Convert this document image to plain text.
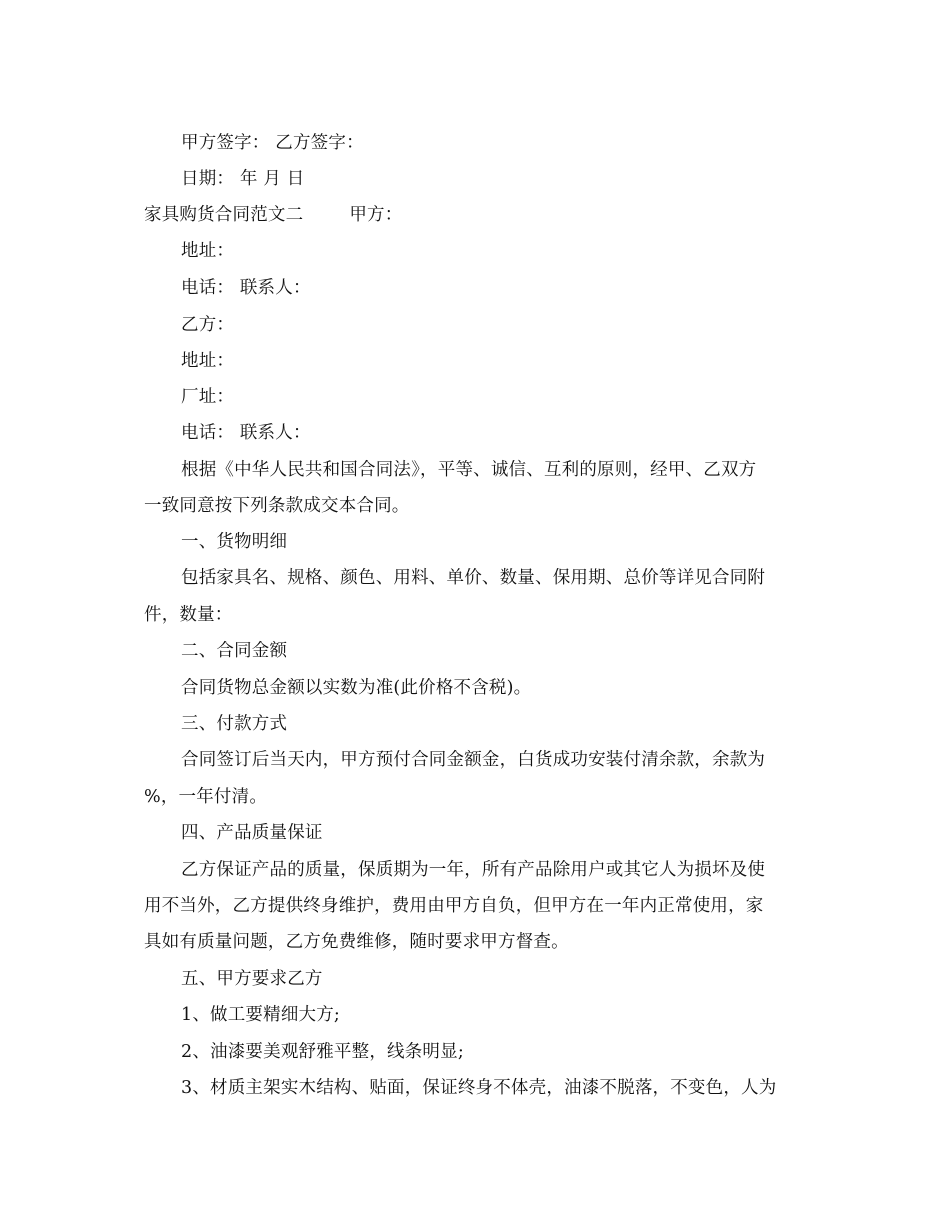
甲方签字： 乙方签字：
日期： 年 月 日
家具购货合同范文二	甲方：
地址：
电话： 联系人：
乙方：
地址：
厂址：
电话： 联系人：
根据《中华人民共和国合同法》，平等、诚信、互利的原则，经甲、乙双方
一致同意按下列条款成交本合同。
一、货物明细
包括家具名、规格、颜色、用料、单价、数量、保用期、总价等详见合同附
件，数量：
二、合同金额
合同货物总金额以实数为准(此价格不含税)。
三、付款方式
合同签订后当天内，甲方预付合同金额金，白货成功安装付清余款，余款为
%，一年付清。
四、产品质量保证
乙方保证产品的质量，保质期为一年，所有产品除用户或其它人为损坏及使
用不当外，乙方提供终身维护，费用由甲方自负，但甲方在一年内正常使用，家
具如有质量问题，乙方免费维修，随时要求甲方督查。
五、甲方要求乙方
1、做工要精细大方;
2、油漆要美观舒雅平整，线条明显;
3、材质主架实木结构、贴面，保证终身不体壳，油漆不脱落，不变色，人为
